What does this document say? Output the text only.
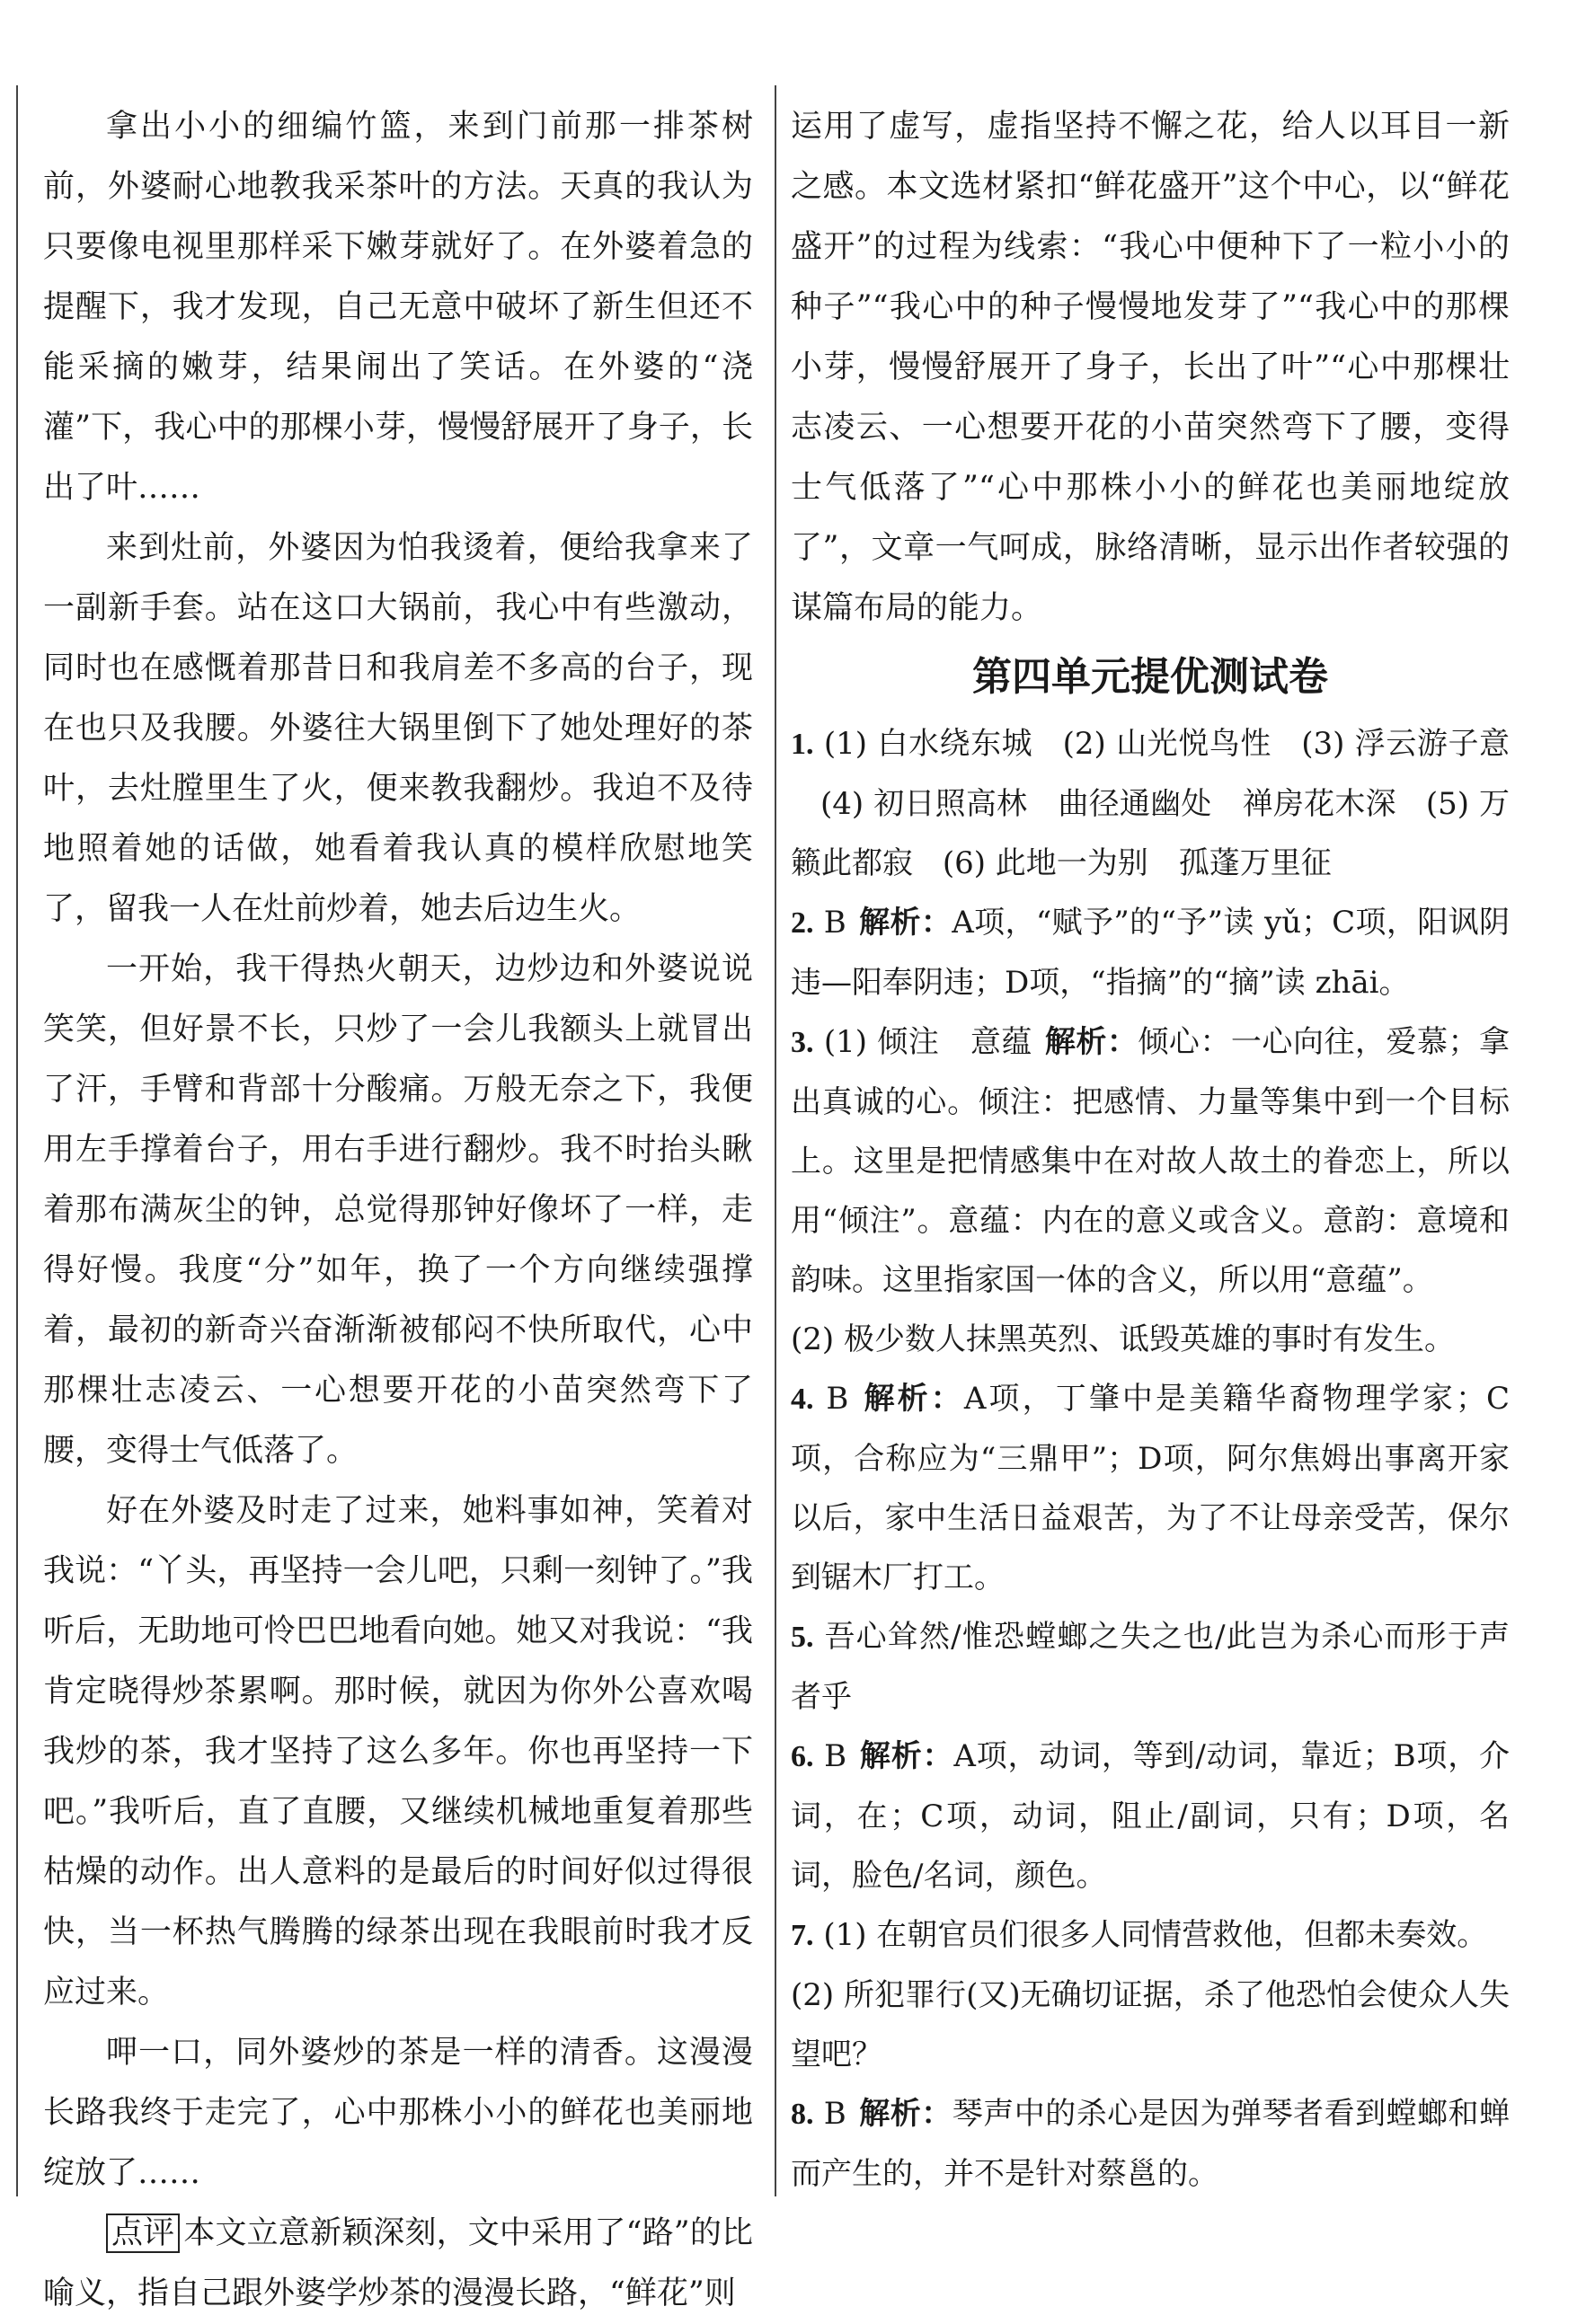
拿出小小的细编竹篮，来到门前那一排茶树前，外婆耐心地教我采茶叶的方法。天真的我认为只要像电视里那样采下嫩芽就好了。在外婆着急的提醒下，我才发现，自己无意中破坏了新生但还不能采摘的嫩芽，结果闹出了笑话。在外婆的“浇灌”下，我心中的那棵小芽，慢慢舒展开了身子，长出了叶……

来到灶前，外婆因为怕我烫着，便给我拿来了一副新手套。站在这口大锅前，我心中有些激动，同时也在感慨着那昔日和我肩差不多高的台子，现在也只及我腰。外婆往大锅里倒下了她处理好的茶叶，去灶膛里生了火，便来教我翻炒。我迫不及待地照着她的话做，她看着我认真的模样欣慰地笑了，留我一人在灶前炒着，她去后边生火。

一开始，我干得热火朝天，边炒边和外婆说说笑笑，但好景不长，只炒了一会儿我额头上就冒出了汗，手臂和背部十分酸痛。万般无奈之下，我便用左手撑着台子，用右手进行翻炒。我不时抬头瞅着那布满灰尘的钟，总觉得那钟好像坏了一样，走得好慢。我度“分”如年，换了一个方向继续强撑着，最初的新奇兴奋渐渐被郁闷不快所取代，心中那棵壮志凌云、一心想要开花的小苗突然弯下了腰，变得士气低落了。

好在外婆及时走了过来，她料事如神，笑着对我说：“丫头，再坚持一会儿吧，只剩一刻钟了。”我听后，无助地可怜巴巴地看向她。她又对我说：“我肯定晓得炒茶累啊。那时候，就因为你外公喜欢喝我炒的茶，我才坚持了这么多年。你也再坚持一下吧。”我听后，直了直腰，又继续机械地重复着那些枯燥的动作。出人意料的是最后的时间好似过得很快，当一杯热气腾腾的绿茶出现在我眼前时我才反应过来。

呷一口，同外婆炒的茶是一样的清香。这漫漫长路我终于走完了，心中那株小小的鲜花也美丽地绽放了……

点评 本文立意新颖深刻，文中采用了“路”的比喻义，指自己跟外婆学炒茶的漫漫长路，“鲜花”则

运用了虚写，虚指坚持不懈之花，给人以耳目一新之感。本文选材紧扣“鲜花盛开”这个中心，以“鲜花盛开”的过程为线索：“我心中便种下了一粒小小的种子”“我心中的种子慢慢地发芽了”“我心中的那棵小芽，慢慢舒展开了身子，长出了叶”“心中那棵壮志凌云、一心想要开花的小苗突然弯下了腰，变得士气低落了”“心中那株小小的鲜花也美丽地绽放了”，文章一气呵成，脉络清晰，显示出作者较强的谋篇布局的能力。

第四单元提优测试卷

1. (1) 白水绕东城 (2) 山光悦鸟性 (3) 浮云游子意 (4) 初日照高林　曲径通幽处　禅房花木深 (5) 万籁此都寂 (6) 此地一为别　孤蓬万里征

2. B 解析：A项，“赋予”的“予”读 yǔ；C项，阳讽阴违—阳奉阴违；D项，“指摘”的“摘”读 zhāi。

3. (1) 倾注　意蕴 解析：倾心：一心向往，爱慕；拿出真诚的心。倾注：把感情、力量等集中到一个目标上。这里是把情感集中在对故人故土的眷恋上，所以用“倾注”。意蕴：内在的意义或含义。意韵：意境和韵味。这里指家国一体的含义，所以用“意蕴”。

(2) 极少数人抹黑英烈、诋毁英雄的事时有发生。

4. B 解析：A项，丁肇中是美籍华裔物理学家；C项，合称应为“三鼎甲”；D项，阿尔焦姆出事离开家以后，家中生活日益艰苦，为了不让母亲受苦，保尔到锯木厂打工。

5. 吾心耸然/惟恐螳螂之失之也/此岂为杀心而形于声者乎

6. B 解析：A项，动词，等到/动词，靠近；B项，介词，在；C项，动词，阻止/副词，只有；D项，名词，脸色/名词，颜色。

7. (1) 在朝官员们很多人同情营救他，但都未奏效。

(2) 所犯罪行(又)无确切证据，杀了他恐怕会使众人失望吧？

8. B 解析：琴声中的杀心是因为弹琴者看到螳螂和蝉而产生的，并不是针对蔡邕的。
